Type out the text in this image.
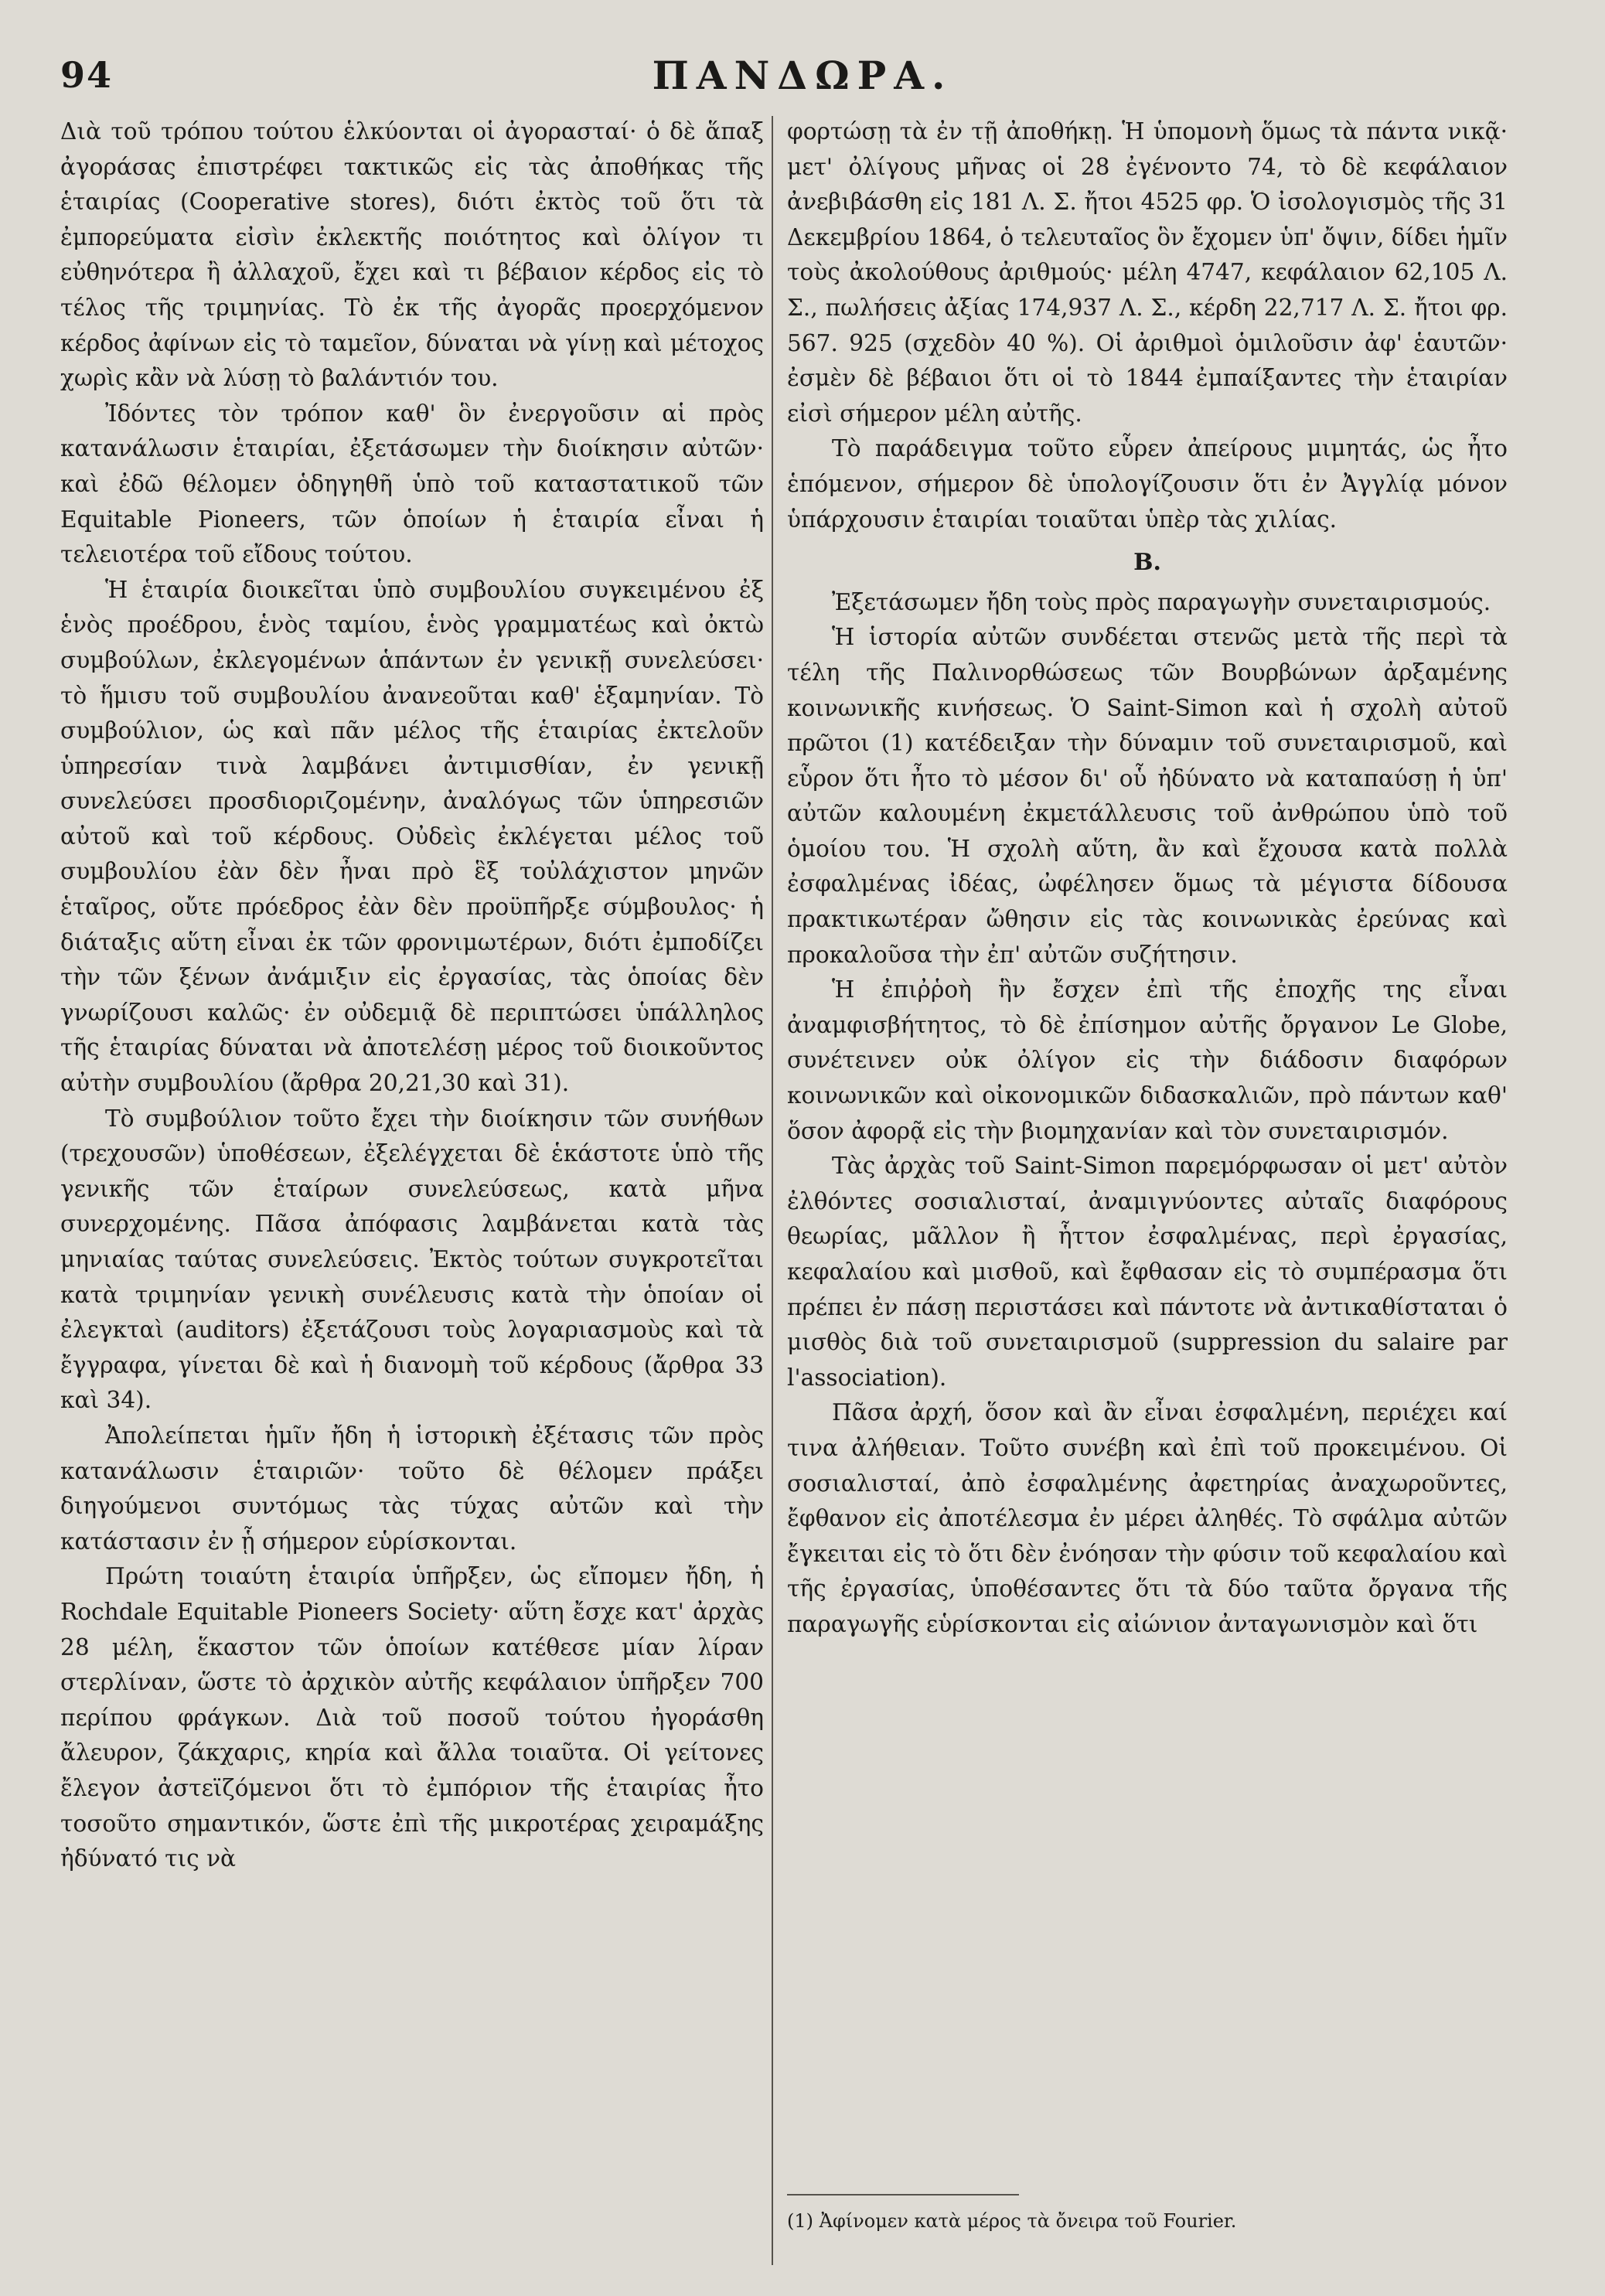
94	ΠΑΝΔΩΡΑ.

Διὰ τοῦ τρόπου τούτου ἑλκύονται οἱ ἀγορασταί· ὁ δὲ ἅπαξ ἀγοράσας ἐπιστρέφει τακτικῶς εἰς τὰς ἀποθήκας τῆς ἑταιρίας (Cooperative stores), διότι ἐκτὸς τοῦ ὅτι τὰ ἐμπορεύματα εἰσὶν ἐκλεκτῆς ποιότητος καὶ ὀλίγον τι εὐθηνότερα ἢ ἀλλαχοῦ, ἔχει καὶ τι βέβαιον κέρδος εἰς τὸ τέλος τῆς τριμηνίας. Τὸ ἐκ τῆς ἀγορᾶς προερχόμενον κέρδος ἀφίνων εἰς τὸ ταμεῖον, δύναται νὰ γίνῃ καὶ μέτοχος χωρὶς κἂν νὰ λύσῃ τὸ βαλάντιόν του.

Ἰδόντες τὸν τρόπον καθ' ὃν ἐνεργοῦσιν αἱ πρὸς κατανάλωσιν ἑταιρίαι, ἐξετάσωμεν τὴν διοίκησιν αὐτῶν· καὶ ἐδῶ θέλομεν ὁδηγηθῆ ὑπὸ τοῦ καταστατικοῦ τῶν Equitable Pioneers, τῶν ὁποίων ἡ ἑταιρία εἶναι ἡ τελειοτέρα τοῦ εἴδους τούτου.

Ἡ ἑταιρία διοικεῖται ὑπὸ συμβουλίου συγκειμένου ἐξ ἑνὸς προέδρου, ἑνὸς ταμίου, ἑνὸς γραμματέως καὶ ὀκτὼ συμβούλων, ἐκλεγομένων ἁπάντων ἐν γενικῇ συνελεύσει· τὸ ἥμισυ τοῦ συμβουλίου ἀνανεοῦται καθ' ἑξαμηνίαν. Τὸ συμβούλιον, ὡς καὶ πᾶν μέλος τῆς ἑταιρίας ἐκτελοῦν ὑπηρεσίαν τινὰ λαμβάνει ἀντιμισθίαν, ἐν γενικῇ συνελεύσει προσδιοριζομένην, ἀναλόγως τῶν ὑπηρεσιῶν αὐτοῦ καὶ τοῦ κέρδους. Οὐδεὶς ἐκλέγεται μέλος τοῦ συμβουλίου ἐὰν δὲν ἦναι πρὸ ἓξ τοὐλάχιστον μηνῶν ἑταῖρος, οὔτε πρόεδρος ἐὰν δὲν προϋπῆρξε σύμβουλος· ἡ διάταξις αὕτη εἶναι ἐκ τῶν φρονιμωτέρων, διότι ἐμποδίζει τὴν τῶν ξένων ἀνάμιξιν εἰς ἐργασίας, τὰς ὁποίας δὲν γνωρίζουσι καλῶς· ἐν οὐδεμιᾷ δὲ περιπτώσει ὑπάλληλος τῆς ἑταιρίας δύναται νὰ ἀποτελέσῃ μέρος τοῦ διοικοῦντος αὐτὴν συμβουλίου (ἄρθρα 20,21,30 καὶ 31).

Τὸ συμβούλιον τοῦτο ἔχει τὴν διοίκησιν τῶν συνήθων (τρεχουσῶν) ὑποθέσεων, ἐξελέγχεται δὲ ἑκάστοτε ὑπὸ τῆς γενικῆς τῶν ἑταίρων συνελεύσεως, κατὰ μῆνα συνερχομένης. Πᾶσα ἀπόφασις λαμβάνεται κατὰ τὰς μηνιαίας ταύτας συνελεύσεις. Ἐκτὸς τούτων συγκροτεῖται κατὰ τριμηνίαν γενικὴ συνέλευσις κατὰ τὴν ὁποίαν οἱ ἐλεγκταὶ (auditors) ἐξετάζουσι τοὺς λογαριασμοὺς καὶ τὰ ἔγγραφα, γίνεται δὲ καὶ ἡ διανομὴ τοῦ κέρδους (ἄρθρα 33 καὶ 34).

Ἀπολείπεται ἡμῖν ἤδη ἡ ἱστορικὴ ἐξέτασις τῶν πρὸς κατανάλωσιν ἑταιριῶν· τοῦτο δὲ θέλομεν πράξει διηγούμενοι συντόμως τὰς τύχας αὐτῶν καὶ τὴν κατάστασιν ἐν ᾗ σήμερον εὑρίσκονται.

Πρώτη τοιαύτη ἑταιρία ὑπῆρξεν, ὡς εἴπομεν ἤδη, ἡ Rochdale Equitable Pioneers Society· αὕτη ἔσχε κατ' ἀρχὰς 28 μέλη, ἕκαστον τῶν ὁποίων κατέθεσε μίαν λίραν στερλίναν, ὥστε τὸ ἀρχικὸν αὐτῆς κεφάλαιον ὑπῆρξεν 700 περίπου φράγκων. Διὰ τοῦ ποσοῦ τούτου ἠγοράσθη ἄλευρον, ζάκχαρις, κηρία καὶ ἄλλα τοιαῦτα. Οἱ γείτονες ἔλεγον ἀστεϊζόμενοι ὅτι τὸ ἐμπόριον τῆς ἑταιρίας ἦτο τοσοῦτο σημαντικόν, ὥστε ἐπὶ τῆς μικροτέρας χειραμάξης ἠδύνατό τις νὰ

φορτώσῃ τὰ ἐν τῇ ἀποθήκῃ. Ἡ ὑπομονὴ ὅμως τὰ πάντα νικᾷ· μετ' ὀλίγους μῆνας οἱ 28 ἐγένοντο 74, τὸ δὲ κεφάλαιον ἀνεβιβάσθη εἰς 181 Λ. Σ. ἤτοι 4525 φρ. Ὁ ἰσολογισμὸς τῆς 31 Δεκεμβρίου 1864, ὁ τελευταῖος ὃν ἔχομεν ὑπ' ὄψιν, δίδει ἡμῖν τοὺς ἀκολούθους ἀριθμούς· μέλη 4747, κεφάλαιον 62,105 Λ. Σ., πωλήσεις ἀξίας 174,937 Λ. Σ., κέρδη 22,717 Λ. Σ. ἤτοι φρ. 567. 925 (σχεδὸν 40 %). Οἱ ἀριθμοὶ ὁμιλοῦσιν ἀφ' ἑαυτῶν· ἐσμὲν δὲ βέβαιοι ὅτι οἱ τὸ 1844 ἐμπαίξαντες τὴν ἑταιρίαν εἰσὶ σήμερον μέλη αὐτῆς.

Τὸ παράδειγμα τοῦτο εὗρεν ἀπείρους μιμητάς, ὡς ἦτο ἑπόμενον, σήμερον δὲ ὑπολογίζουσιν ὅτι ἐν Ἀγγλίᾳ μόνον ὑπάρχουσιν ἑταιρίαι τοιαῦται ὑπὲρ τὰς χιλίας.

Β.

Ἐξετάσωμεν ἤδη τοὺς πρὸς παραγωγὴν συνεταιρισμούς.

Ἡ ἱστορία αὐτῶν συνδέεται στενῶς μετὰ τῆς περὶ τὰ τέλη τῆς Παλινορθώσεως τῶν Βουρβώνων ἀρξαμένης κοινωνικῆς κινήσεως. Ὁ Saint-Simon καὶ ἡ σχολὴ αὐτοῦ πρῶτοι (1) κατέδειξαν τὴν δύναμιν τοῦ συνεταιρισμοῦ, καὶ εὗρον ὅτι ἦτο τὸ μέσον δι' οὗ ἠδύνατο νὰ καταπαύσῃ ἡ ὑπ' αὐτῶν καλουμένη ἐκμετάλλευσις τοῦ ἀνθρώπου ὑπὸ τοῦ ὁμοίου του. Ἡ σχολὴ αὕτη, ἂν καὶ ἔχουσα κατὰ πολλὰ ἐσφαλμένας ἰδέας, ὠφέλησεν ὅμως τὰ μέγιστα δίδουσα πρακτικωτέραν ὤθησιν εἰς τὰς κοινωνικὰς ἐρεύνας καὶ προκαλοῦσα τὴν ἐπ' αὐτῶν συζήτησιν.

Ἡ ἐπιῤῥοὴ ἣν ἔσχεν ἐπὶ τῆς ἐποχῆς της εἶναι ἀναμφισβήτητος, τὸ δὲ ἐπίσημον αὐτῆς ὄργανον Le Globe, συνέτεινεν οὐκ ὀλίγον εἰς τὴν διάδοσιν διαφόρων κοινωνικῶν καὶ οἰκονομικῶν διδασκαλιῶν, πρὸ πάντων καθ' ὅσον ἀφορᾷ εἰς τὴν βιομηχανίαν καὶ τὸν συνεταιρισμόν.

Τὰς ἀρχὰς τοῦ Saint-Simon παρεμόρφωσαν οἱ μετ' αὐτὸν ἐλθόντες σοσιαλισταί, ἀναμιγνύοντες αὐταῖς διαφόρους θεωρίας, μᾶλλον ἢ ἧττον ἐσφαλμένας, περὶ ἐργασίας, κεφαλαίου καὶ μισθοῦ, καὶ ἔφθασαν εἰς τὸ συμπέρασμα ὅτι πρέπει ἐν πάσῃ περιστάσει καὶ πάντοτε νὰ ἀντικαθίσταται ὁ μισθὸς διὰ τοῦ συνεταιρισμοῦ (suppression du salaire par l'association).

Πᾶσα ἀρχή, ὅσον καὶ ἂν εἶναι ἐσφαλμένη, περιέχει καί τινα ἀλήθειαν. Τοῦτο συνέβη καὶ ἐπὶ τοῦ προκειμένου. Οἱ σοσιαλισταί, ἀπὸ ἐσφαλμένης ἀφετηρίας ἀναχωροῦντες, ἔφθανον εἰς ἀποτέλεσμα ἐν μέρει ἀληθές. Τὸ σφάλμα αὐτῶν ἔγκειται εἰς τὸ ὅτι δὲν ἐνόησαν τὴν φύσιν τοῦ κεφαλαίου καὶ τῆς ἐργασίας, ὑποθέσαντες ὅτι τὰ δύο ταῦτα ὄργανα τῆς παραγωγῆς εὑρίσκονται εἰς αἰώνιον ἀνταγωνισμὸν καὶ ὅτι

(1) Ἀφίνομεν κατὰ μέρος τὰ ὄνειρα τοῦ Fourier.
